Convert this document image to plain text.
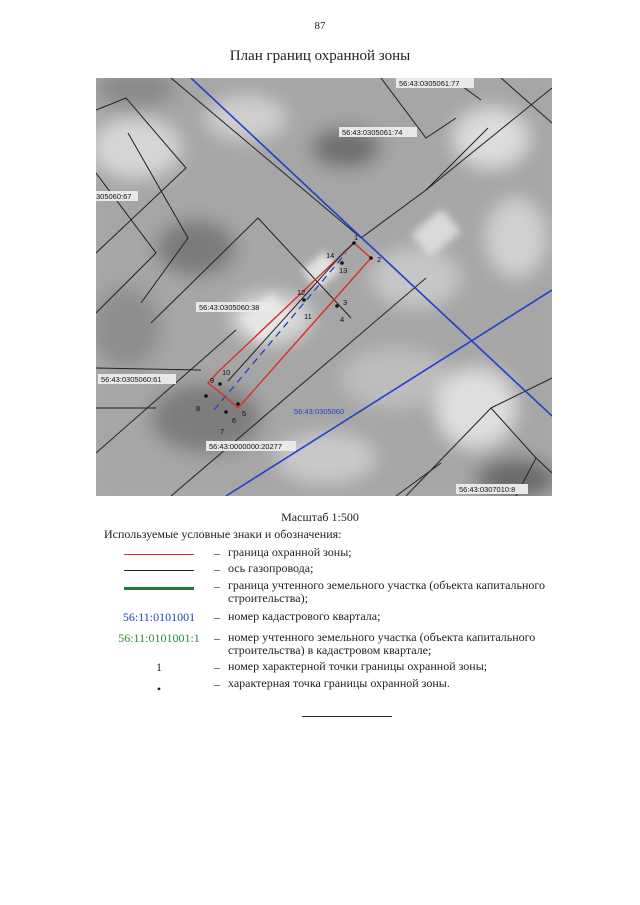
87
План границ охранной зоны
1
2
3
4
5
6
7
8
9
10
11
12
13
14
56:43:0305061:77
56:43:0305061:74
305060:67
56:43:0305060:38
56:43:0305060:61
56:43:0000000:20277
56:43:0307010:8
56:43:0305060
Масштаб 1:500
Используемые условные знаки и обозначения:
– граница охранной зоны;
– ось газопровода;
– граница учтенного земельного участка (объекта капитального строительства);
56:11:0101001	– номер кадастрового квартала;
56:11:0101001:1	– номер учтенного земельного участка (объекта капитального строительства) в кадастровом квартале;
1	– номер характерной точки границы охранной зоны;
•	– характерная точка границы охранной зоны.
